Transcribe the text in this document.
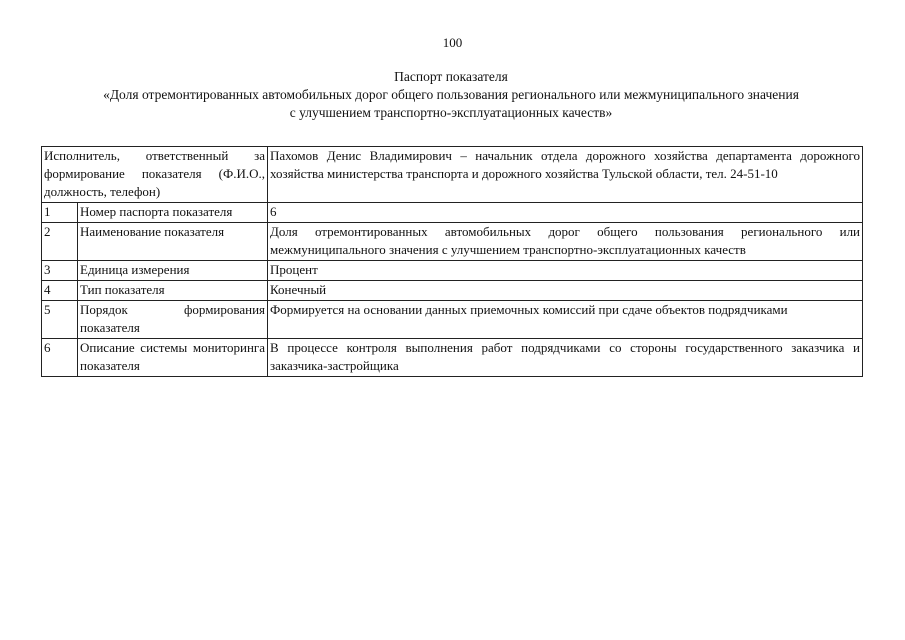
100
Паспорт показателя
«Доля отремонтированных автомобильных дорог общего пользования регионального или межмуниципального значения
с улучшением транспортно-эксплуатационных качеств»
Исполнитель, ответственный за формирование показателя (Ф.И.О., должность, телефон)		Пахомов Денис Владимирович – начальник отдела дорожного хозяйства департамента дорожного хозяйства министерства транспорта и дорожного хозяйства Тульской области, тел. 24-51-10
1	Номер паспорта показателя	6
2	Наименование показателя	Доля отремонтированных автомобильных дорог общего пользования регионального или межмуниципального значения с улучшением транспортно-эксплуатационных качеств
3	Единица измерения	Процент
4	Тип показателя	Конечный
5	Порядок формирования показателя	Формируется на основании данных приемочных комиссий при сдаче объектов подрядчиками
6	Описание системы мониторинга показателя	В процессе контроля выполнения работ подрядчиками со стороны государственного заказчика и заказчика-застройщика
